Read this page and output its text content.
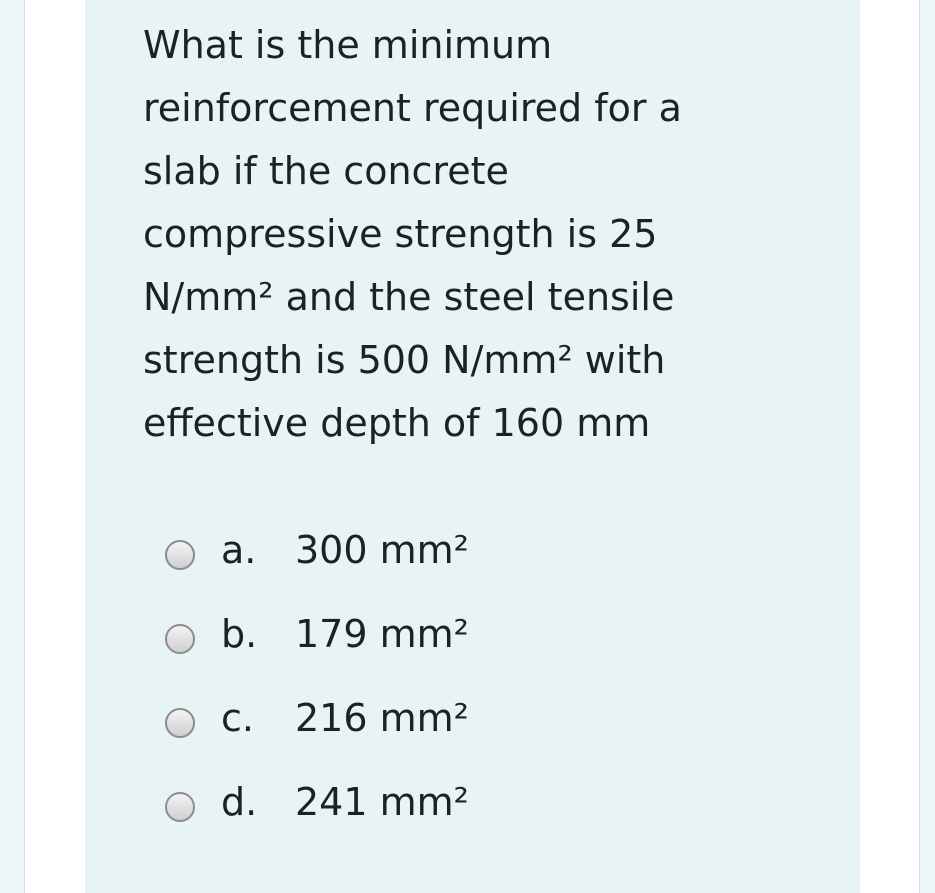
What is the minimum reinforcement required for a slab if the concrete compressive strength is 25 N/mm² and the steel tensile strength is 500 N/mm² with effective depth of 160 mm

a.	300 mm²
b. 179 mm²
c.	216 mm²
d. 241 mm²
